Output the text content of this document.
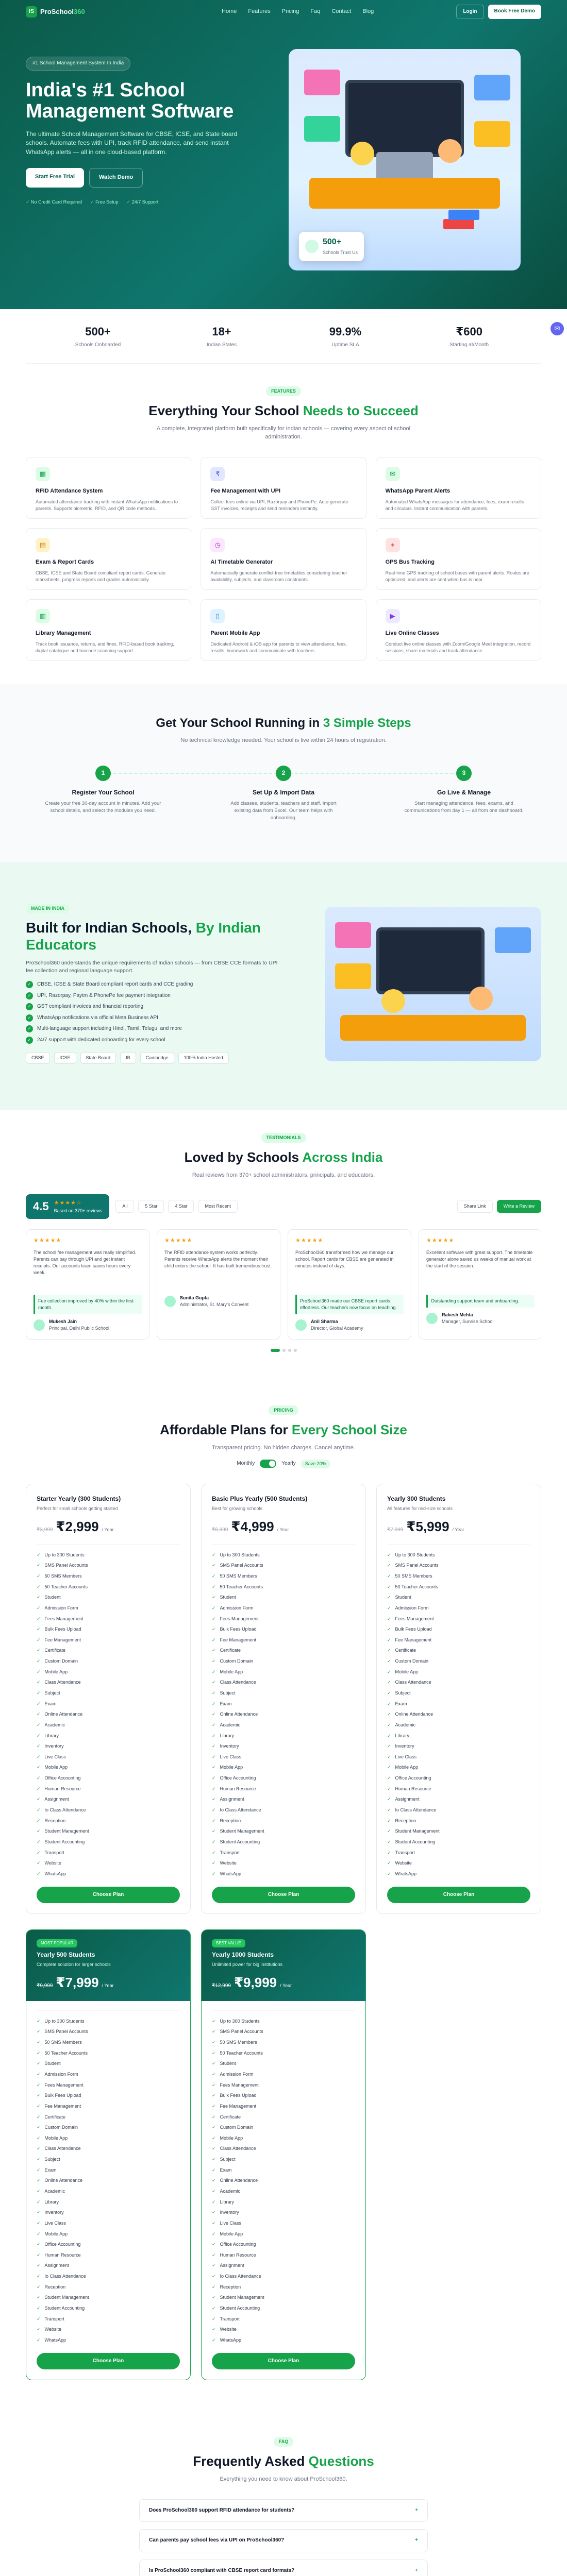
IS ProSchool360	Home Features Pricing Faq Contact Blog	Login	Book Free Demo
#1 School Management System In India
India's #1 School Management Software

The ultimate School Management Software for CBSE, ICSE, and State board schools. Automate fees with UPI, track RFID attendance, and send instant WhatsApp alerts — all in one cloud-based platform.

Start Free Trial	Watch Demo
✓ No Credit Card Required	✓ Free Setup	✓ 24/7 Support
500+
Schools Trust Us
500+
Schools Onboarded
18+
Indian States
99.9%
Uptime SLA
₹600
Starting at/Month
✉
FEATURES
Everything Your School Needs to Succeed

A complete, integrated platform built specifically for Indian schools — covering every aspect of school administration.

▦
RFID Attendance System

Automated attendance tracking with instant WhatsApp notifications to parents. Supports biometric, RFID, and QR code methods.

₹
Fee Management with UPI

Collect fees online via UPI, Razorpay and PhonePe. Auto-generate GST invoices, receipts and send reminders instantly.

✉
WhatsApp Parent Alerts

Automated WhatsApp messages for attendance, fees, exam results and circulars. Instant communication with parents.

▤
Exam & Report Cards

CBSE, ICSE and State Board compliant report cards. Generate marksheets, progress reports and grades automatically.

◷
AI Timetable Generator

Automatically generate conflict-free timetables considering teacher availability, subjects, and classroom constraints.

⌖
GPS Bus Tracking

Real-time GPS tracking of school buses with parent alerts. Routes are optimized, and alerts are sent when bus is near.

▥
Library Management

Track book issuance, returns, and fines. RFID-based book tracking, digital catalogue and barcode scanning support.

▯
Parent Mobile App

Dedicated Android & iOS app for parents to view attendance, fees, results, homework and communicate with teachers.

▶
Live Online Classes

Conduct live online classes with Zoom/Google Meet integration, record sessions, share materials and track attendance.

Get Your School Running in 3 Simple Steps

No technical knowledge needed. Your school is live within 24 hours of registration.

1
Register Your School

Create your free 30-day account in minutes. Add your school details, and select the modules you need.

2
Set Up & Import Data

Add classes, students, teachers and staff. Import existing data from Excel. Our team helps with onboarding.

3
Go Live & Manage

Start managing attendance, fees, exams, and communications from day 1 — all from one dashboard.

MADE IN INDIA
Built for Indian Schools, By Indian Educators

ProSchool360 understands the unique requirements of Indian schools — from CBSE CCE formats to UPI fee collection and regional language support.

✓ CBSE, ICSE & State Board compliant report cards and CCE grading
✓ UPI, Razorpay, Paytm & PhonePe fee payment integration
✓ GST compliant invoices and financial reporting
✓ WhatsApp notifications via official Meta Business API
✓ Multi-language support including Hindi, Tamil, Telugu, and more
✓ 24/7 support with dedicated onboarding for every school
CBSE	ICSE	State Board	IB	Cambridge	100% India Hosted
TESTIMONIALS
Loved by Schools Across India

Real reviews from 370+ school administrators, principals, and educators.

4.5 ★★★★☆
Based on 370+ reviews
All	5 Star	4 Star	Most Recent	Share Link	Write a Review
★★★★★
The school fee management was really simplified. Parents can pay through UPI and get instant receipts. Our accounts team saves hours every week.
Fee collection improved by 40% within the first month.
Mukesh Jain
Principal, Delhi Public School
★★★★★
The RFID attendance system works perfectly. Parents receive WhatsApp alerts the moment their child enters the school. It has built tremendous trust.
Sunita Gupta
Administrator, St. Mary's Convent
★★★★★
ProSchool360 transformed how we manage our school. Report cards for CBSE are generated in minutes instead of days.
ProSchool360 made our CBSE report cards effortless. Our teachers now focus on teaching.
Anil Sharma
Director, Global Academy
★★★★★
Excellent software with great support. The timetable generator alone saved us weeks of manual work at the start of the session.
Outstanding support team and onboarding.
Rakesh Mehta
Manager, Sunrise School
PRICING
Affordable Plans for Every School Size

Transparent pricing. No hidden charges. Cancel anytime.

Monthly	Yearly	Save 20%
Starter Yearly (300 Students)
Perfect for small schools getting started
₹3,999 ₹2,999 / Year
✓ Up to 300 Students
✓ SMS Panel Accounts
✓ 50 SMS Members
✓ 50 Teacher Accounts
✓ Student
✓ Admission Form
✓ Fees Management
✓ Bulk Fees Upload
✓ Fee Management
✓ Certificate
✓ Custom Domain
✓ Mobile App
✓ Class Attendance
✓ Subject
✓ Exam
✓ Online Attendance
✓ Academic
✓ Library
✓ Inventory
✓ Live Class
✓ Mobile App
✓ Office Accounting
✓ Human Resource
✓ Assignment
✓ Io Class Attendance
✓ Reception
✓ Student Management
✓ Student Accounting
✓ Transport
✓ Website
✓ WhatsApp
Choose Plan
Basic Plus Yearly (500 Students)
Best for growing schools
₹6,999 ₹4,999 / Year
✓ Up to 300 Students
✓ SMS Panel Accounts
✓ 50 SMS Members
✓ 50 Teacher Accounts
✓ Student
✓ Admission Form
✓ Fees Management
✓ Bulk Fees Upload
✓ Fee Management
✓ Certificate
✓ Custom Domain
✓ Mobile App
✓ Class Attendance
✓ Subject
✓ Exam
✓ Online Attendance
✓ Academic
✓ Library
✓ Inventory
✓ Live Class
✓ Mobile App
✓ Office Accounting
✓ Human Resource
✓ Assignment
✓ Io Class Attendance
✓ Reception
✓ Student Management
✓ Student Accounting
✓ Transport
✓ Website
✓ WhatsApp
Choose Plan
Yearly 300 Students
All features for mid-size schools
₹7,999 ₹5,999 / Year
✓ Up to 300 Students
✓ SMS Panel Accounts
✓ 50 SMS Members
✓ 50 Teacher Accounts
✓ Student
✓ Admission Form
✓ Fees Management
✓ Bulk Fees Upload
✓ Fee Management
✓ Certificate
✓ Custom Domain
✓ Mobile App
✓ Class Attendance
✓ Subject
✓ Exam
✓ Online Attendance
✓ Academic
✓ Library
✓ Inventory
✓ Live Class
✓ Mobile App
✓ Office Accounting
✓ Human Resource
✓ Assignment
✓ Io Class Attendance
✓ Reception
✓ Student Management
✓ Student Accounting
✓ Transport
✓ Website
✓ WhatsApp
Choose Plan
MOST POPULAR
Yearly 500 Students
Complete solution for larger schools
₹9,999 ₹7,999 / Year
✓ Up to 300 Students
✓ SMS Panel Accounts
✓ 50 SMS Members
✓ 50 Teacher Accounts
✓ Student
✓ Admission Form
✓ Fees Management
✓ Bulk Fees Upload
✓ Fee Management
✓ Certificate
✓ Custom Domain
✓ Mobile App
✓ Class Attendance
✓ Subject
✓ Exam
✓ Online Attendance
✓ Academic
✓ Library
✓ Inventory
✓ Live Class
✓ Mobile App
✓ Office Accounting
✓ Human Resource
✓ Assignment
✓ Io Class Attendance
✓ Reception
✓ Student Management
✓ Student Accounting
✓ Transport
✓ Website
✓ WhatsApp
Choose Plan
BEST VALUE
Yearly 1000 Students
Unlimited power for big institutions
₹12,999 ₹9,999 / Year
✓ Up to 300 Students
✓ SMS Panel Accounts
✓ 50 SMS Members
✓ 50 Teacher Accounts
✓ Student
✓ Admission Form
✓ Fees Management
✓ Bulk Fees Upload
✓ Fee Management
✓ Certificate
✓ Custom Domain
✓ Mobile App
✓ Class Attendance
✓ Subject
✓ Exam
✓ Online Attendance
✓ Academic
✓ Library
✓ Inventory
✓ Live Class
✓ Mobile App
✓ Office Accounting
✓ Human Resource
✓ Assignment
✓ Io Class Attendance
✓ Reception
✓ Student Management
✓ Student Accounting
✓ Transport
✓ Website
✓ WhatsApp
Choose Plan
FAQ
Frequently Asked Questions

Everything you need to know about ProSchool360.

Does ProSchool360 support RFID attendance for students?	+
Can parents pay school fees via UPI on ProSchool360?	+
Is ProSchool360 compliant with CBSE report card formats?	+
